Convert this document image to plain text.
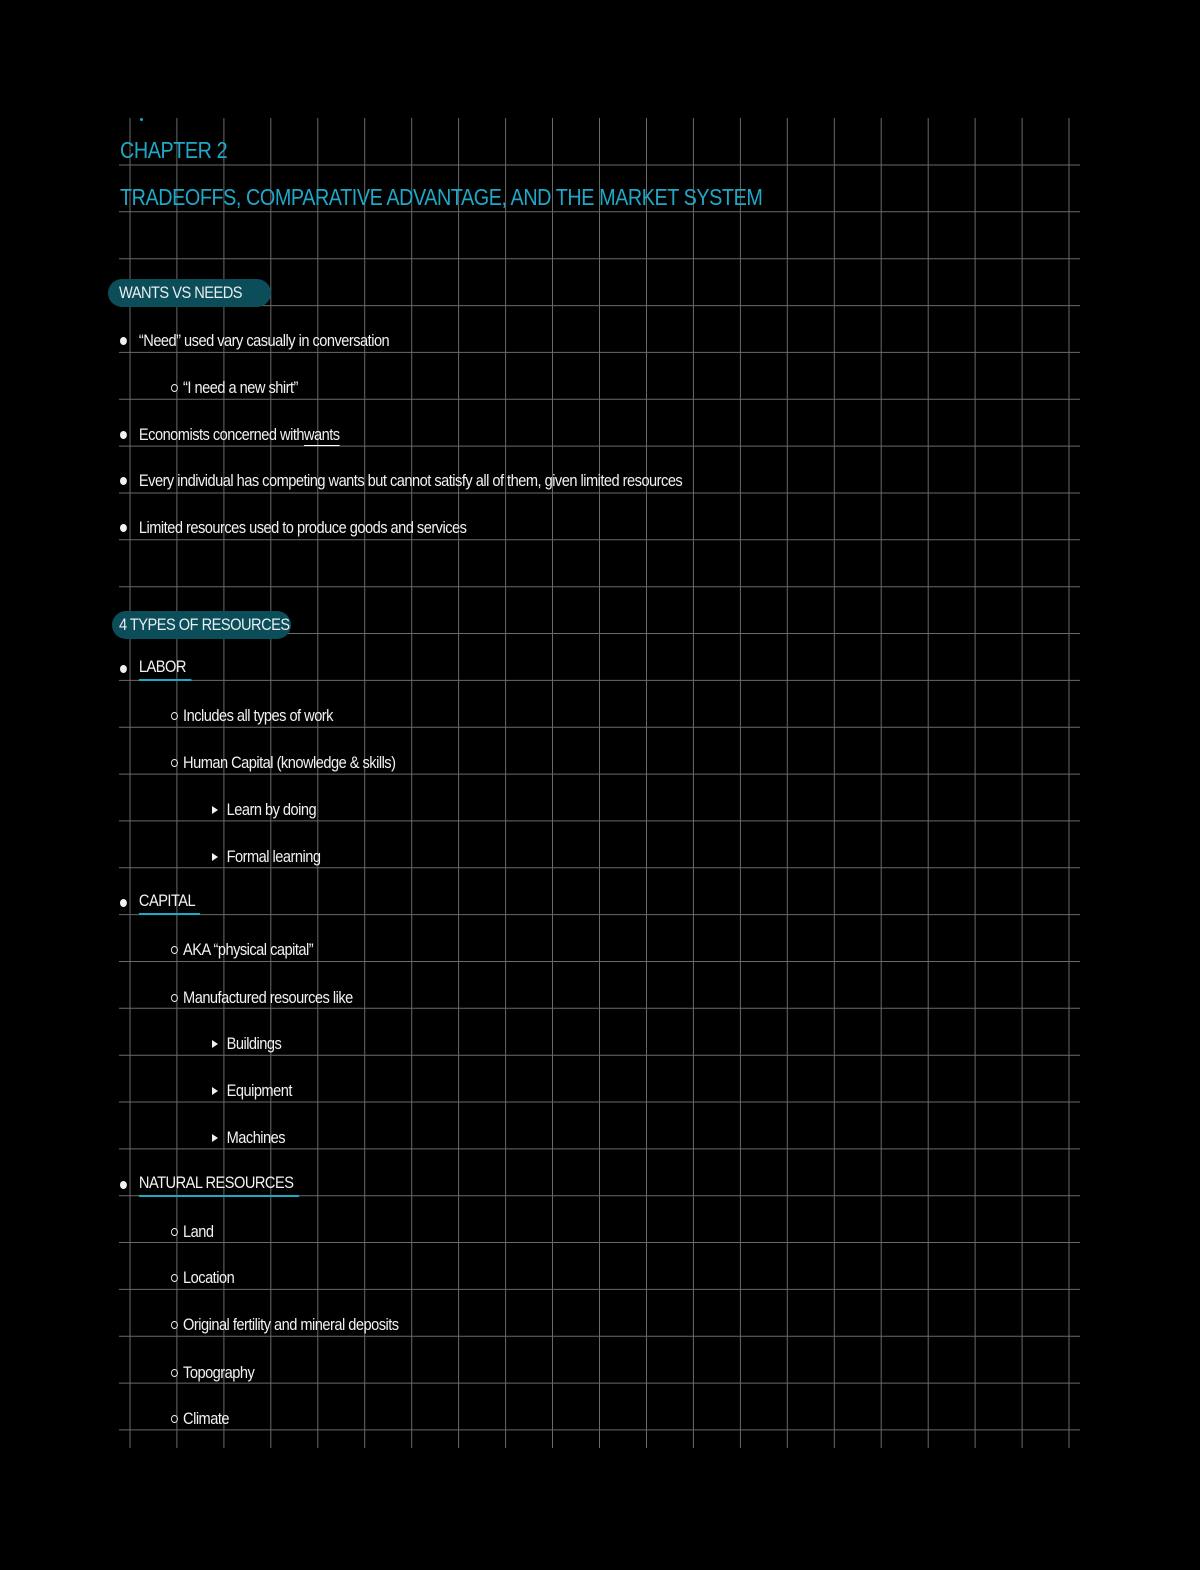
CHAPTER 2
TRADEOFFS, COMPARATIVE ADVANTAGE, AND THE MARKET SYSTEM
WANTS VS NEEDS
“Need” used vary casually in conversation
“I need a new shirt”
Economists concerned with wants
Every individual has competing wants but cannot satisfy all of them, given limited resources
Limited resources used to produce goods and services
4 TYPES OF RESOURCES
LABOR
Includes all types of work
Human Capital (knowledge & skills)
Learn by doing
Formal learning
CAPITAL
AKA “physical capital”
Manufactured resources like
Buildings
Equipment
Machines
NATURAL RESOURCES
Land
Location
Original fertility and mineral deposits
Topography
Climate
